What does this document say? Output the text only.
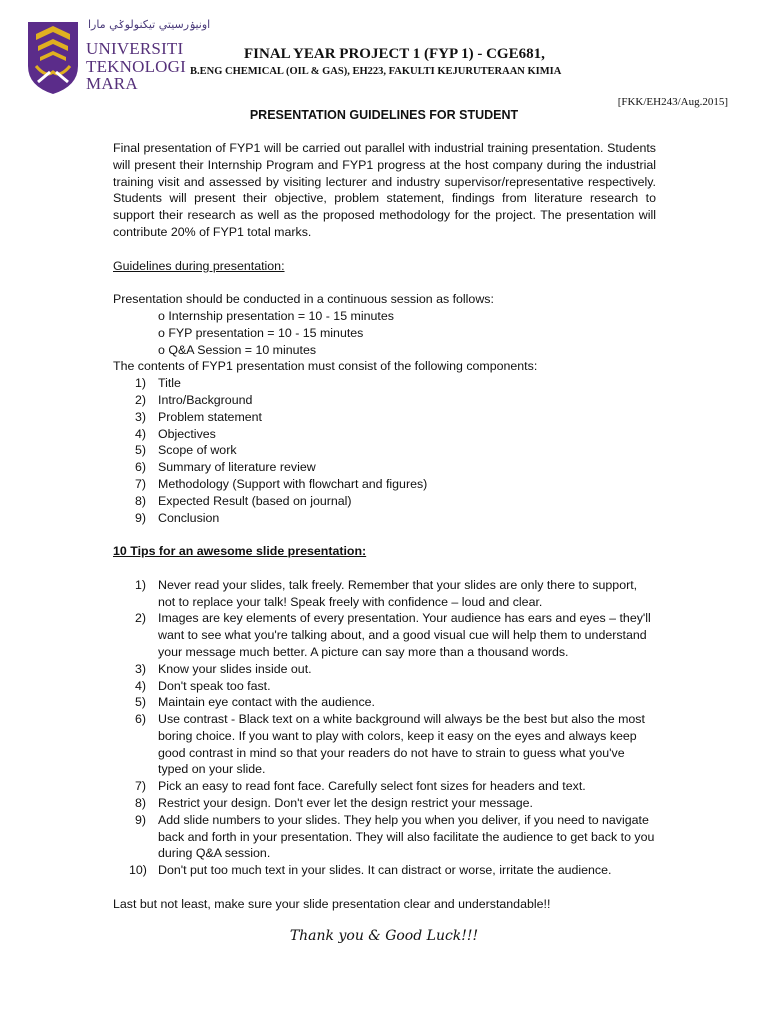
اونيۏرسيتي تيكنولوݢي مارا
UNIVERSITI
TEKNOLOGI
MARA
FINAL YEAR PROJECT 1 (FYP 1) - CGE681,
B.ENG CHEMICAL (OIL & GAS), EH223, FAKULTI KEJURUTERAAN KIMIA
[FKK/EH243/Aug.2015]
PRESENTATION GUIDELINES FOR STUDENT

Final presentation of FYP1 will be carried out parallel with industrial training presentation. Students will present their Internship Program and FYP1 progress at the host company during the industrial training visit and assessed by visiting lecturer and industry supervisor/representative respectively. Students will present their objective, problem statement, findings from literature research to support their research as well as the proposed methodology for the project. The presentation will contribute 20% of FYP1 total marks.

Guidelines during presentation:

Presentation should be conducted in a continuous session as follows:

o Internship presentation = 10 - 15 minutes
o FYP presentation = 10 - 15 minutes
o Q&A Session = 10 minutes

The contents of FYP1 presentation must consist of the following components:

1) Title
2) Intro/Background
3) Problem statement
4) Objectives
5) Scope of work
6) Summary of literature review
7) Methodology (Support with flowchart and figures)
8) Expected Result (based on journal)
9) Conclusion

10 Tips for an awesome slide presentation:

1) Never read your slides, talk freely. Remember that your slides are only there to support, not to replace your talk! Speak freely with confidence – loud and clear.
2) Images are key elements of every presentation. Your audience has ears and eyes – they'll want to see what you're talking about, and a good visual cue will help them to understand your message much better. A picture can say more than a thousand words.
3) Know your slides inside out.
4) Don't speak too fast.
5) Maintain eye contact with the audience.
6) Use contrast - Black text on a white background will always be the best but also the most boring choice. If you want to play with colors, keep it easy on the eyes and always keep good contrast in mind so that your readers do not have to strain to guess what you've typed on your slide.
7) Pick an easy to read font face. Carefully select font sizes for headers and text.
8) Restrict your design. Don't ever let the design restrict your message.
9) Add slide numbers to your slides. They help you when you deliver, if you need to navigate back and forth in your presentation. They will also facilitate the audience to get back to you during Q&A session.
10) Don't put too much text in your slides. It can distract or worse, irritate the audience.

Last but not least, make sure your slide presentation clear and understandable!!

Thank you & Good Luck!!!
